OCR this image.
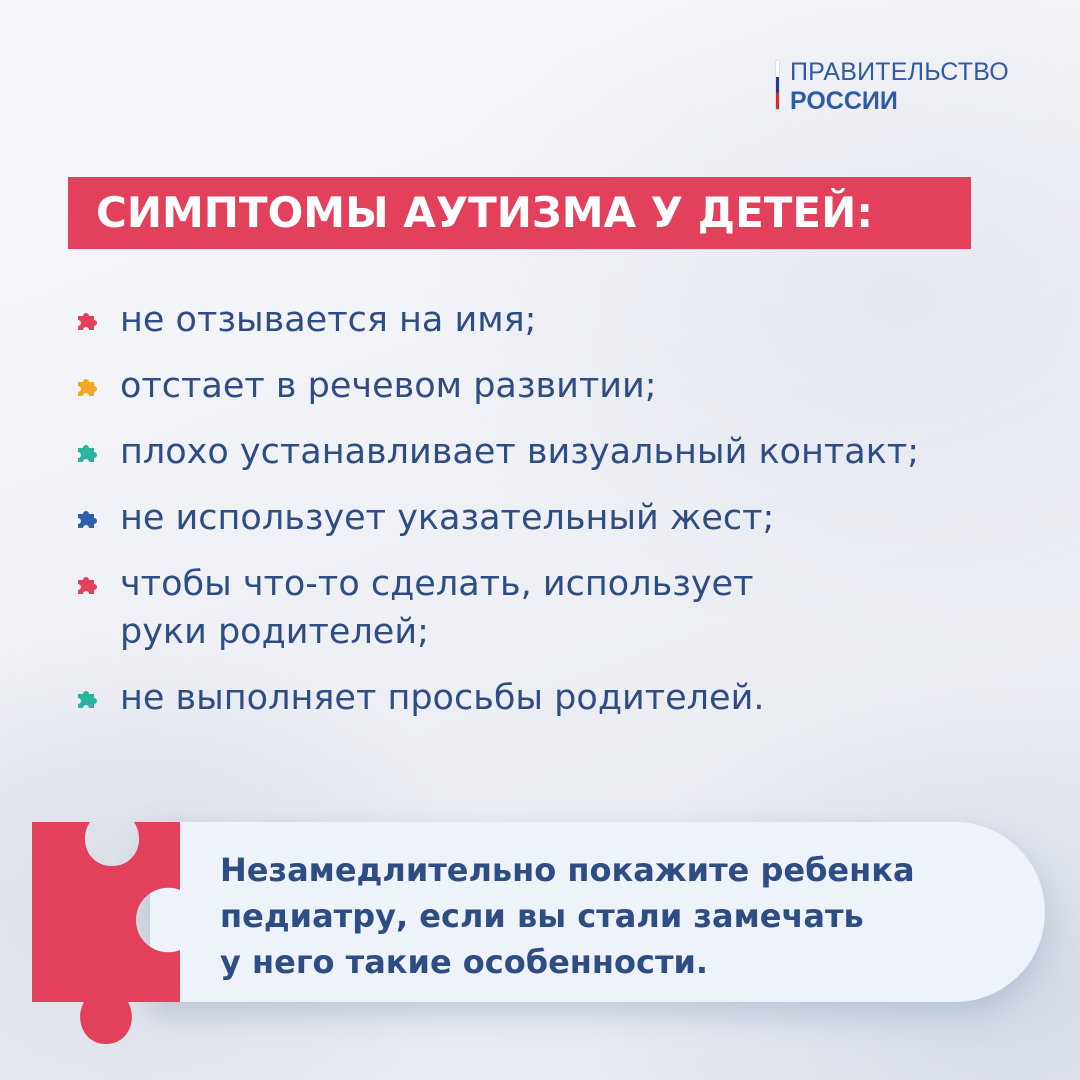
ПРАВИТЕЛЬСТВО
РОССИИ
СИМПТОМЫ АУТИЗМА У ДЕТЕЙ:
не отзывается на имя;
отстает в речевом развитии;
плохо устанавливает визуальный контакт;
не использует указательный жест;
чтобы что-то сделать, использует
руки родителей;
не выполняет просьбы родителей.
Незамедлительно покажите ребенка
педиатру, если вы стали замечать
у него такие особенности.
